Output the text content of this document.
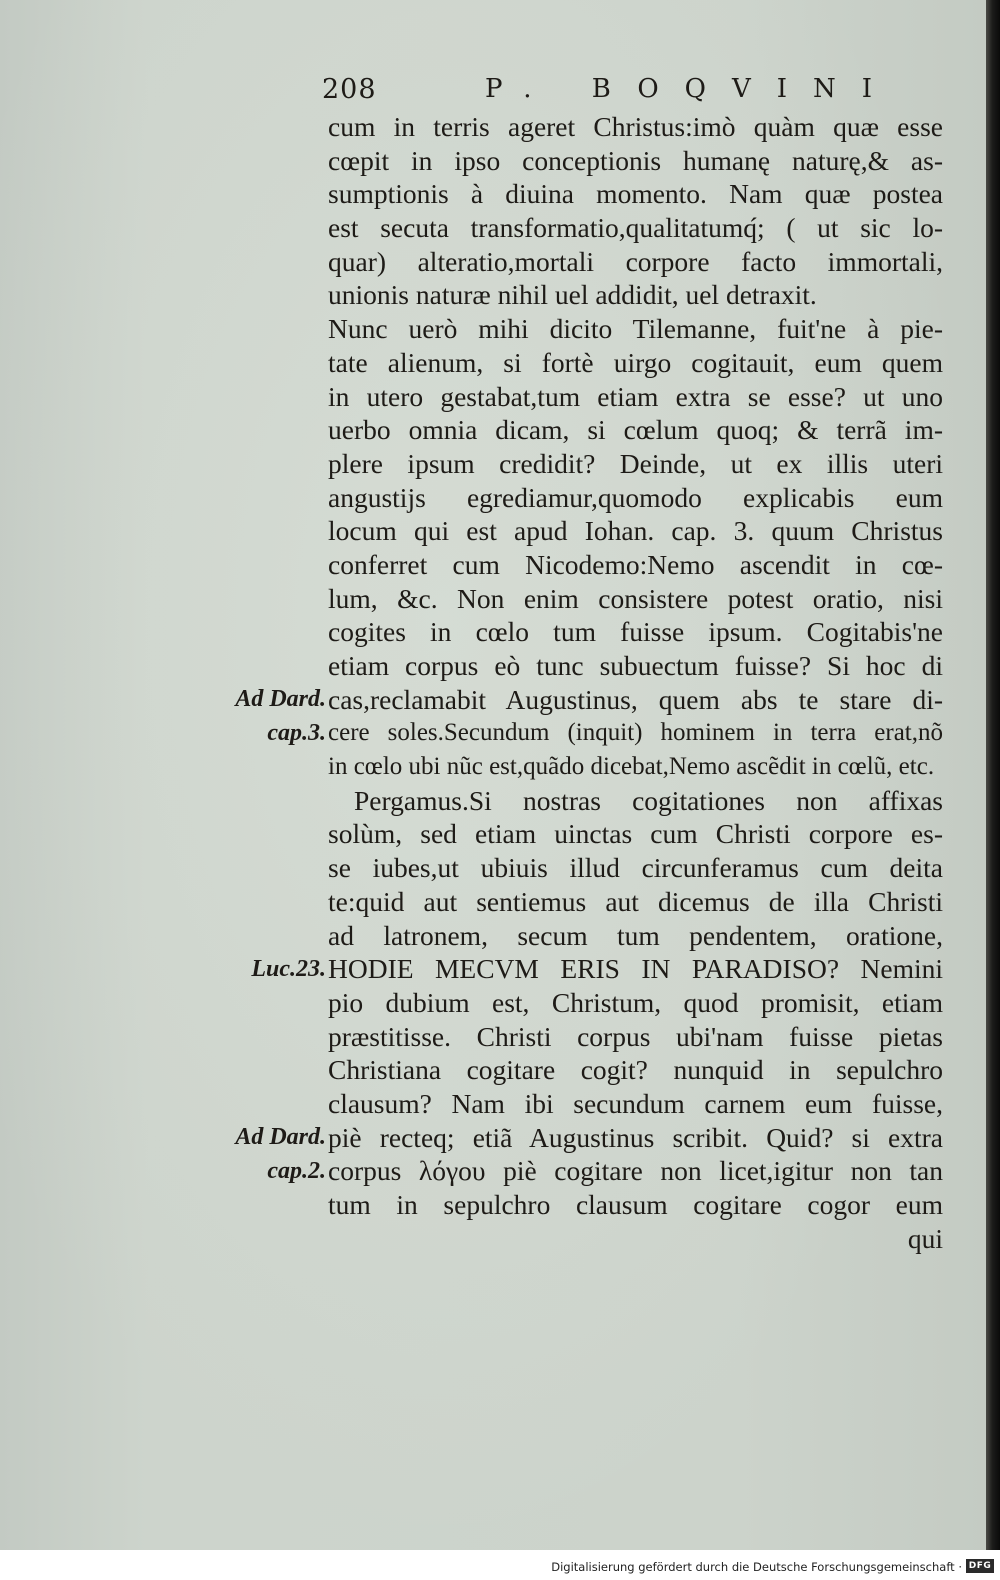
208	P. BOQVINI
cum in terris ageret Christus:imò quàm quæ esse
cœpit in ipso conceptionis humanę naturę,& as-
sumptionis à diuina momento. Nam quæ postea
est secuta transformatio,qualitatumq́; ( ut sic lo-
quar) alteratio,mortali corpore facto immortali,
unionis naturæ nihil uel addidit, uel detraxit.
Nunc uerò mihi dicito Tilemanne, fuit'ne à pie-
tate alienum, si fortè uirgo cogitauit, eum quem
in utero gestabat,tum etiam extra se esse? ut uno
uerbo omnia dicam, si cœlum quoq; & terrã im-
plere ipsum credidit? Deinde, ut ex illis uteri
angustijs egrediamur,quomodo explicabis eum
locum qui est apud Iohan. cap. 3. quum Christus
conferret cum Nicodemo:Nemo ascendit in cœ-
lum, &c. Non enim consistere potest oratio, nisi
cogites in cœlo tum fuisse ipsum. Cogitabis'ne
etiam corpus eò tunc subuectum fuisse? Si hoc di
cas,reclamabit Augustinus, quem abs te stare di-
cere soles.Secundum (inquit) hominem in terra erat,nõ
in cœlo ubi nũc est,quãdo dicebat,Nemo ascẽdit in cœlũ, etc.
Pergamus.Si nostras cogitationes non affixas
solùm, sed etiam uinctas cum Christi corpore es-
se iubes,ut ubiuis illud circunferamus cum deita
te:quid aut sentiemus aut dicemus de illa Christi
ad latronem, secum tum pendentem, oratione,
HODIE MECVM ERIS IN PARADISO? Nemini
pio dubium est, Christum, quod promisit, etiam
præstitisse. Christi corpus ubi'nam fuisse pietas
Christiana cogitare cogit? nunquid in sepulchro
clausum? Nam ibi secundum carnem eum fuisse,
piè recteq; etiã Augustinus scribit. Quid? si extra
corpus λόγου piè cogitare non licet,igitur non tan
tum in sepulchro clausum cogitare cogor eum
qui
Ad Dard.
cap.3.
Luc.23.
Ad Dard.
cap.2.
Digitalisierung gefördert durch die Deutsche Forschungsgemeinschaft · DFG
